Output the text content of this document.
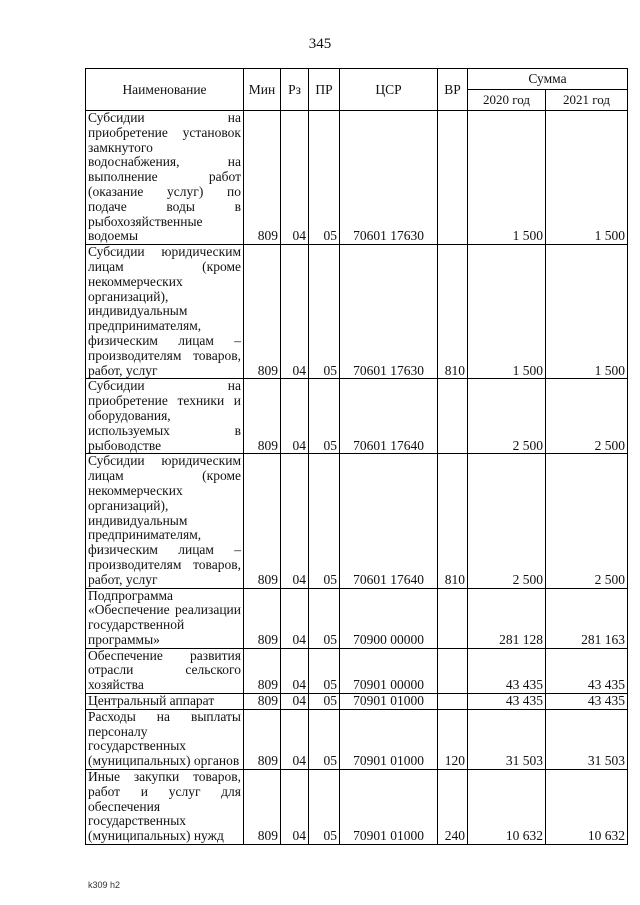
345
Наименование	Мин	Рз	ПР	ЦСР	ВР	Сумма	
						2020 год	2021 год
Субсидии на приобретение установок замкнутого водоснабжения, на выполнение работ (оказание услуг) по подаче воды в рыбохозяйственные водоемы	809	04	05	70601 17630		1 500	1 500
Субсидии юридическим лицам (кроме некоммерческих организаций), индивидуальным предпринимателям, физическим лицам – производителям товаров, работ, услуг	809	04	05	70601 17630	810	1 500	1 500
Субсидии на приобретение техники и оборудования, используемых в рыбоводстве	809	04	05	70601 17640		2 500	2 500
Субсидии юридическим лицам (кроме некоммерческих организаций), индивидуальным предпринимателям, физическим лицам – производителям товаров, работ, услуг	809	04	05	70601 17640	810	2 500	2 500
Подпрограмма «Обеспечение реализации государственной программы»	809	04	05	70900 00000		281 128	281 163
Обеспечение развития отрасли сельского хозяйства	809	04	05	70901 00000		43 435	43 435
Центральный аппарат	809	04	05	70901 01000		43 435	43 435
Расходы на выплаты персоналу государственных (муниципальных) органов	809	04	05	70901 01000	120	31 503	31 503
Иные закупки товаров, работ и услуг для обеспечения государственных (муниципальных) нужд	809	04	05	70901 01000	240	10 632	10 632
k309 h2
